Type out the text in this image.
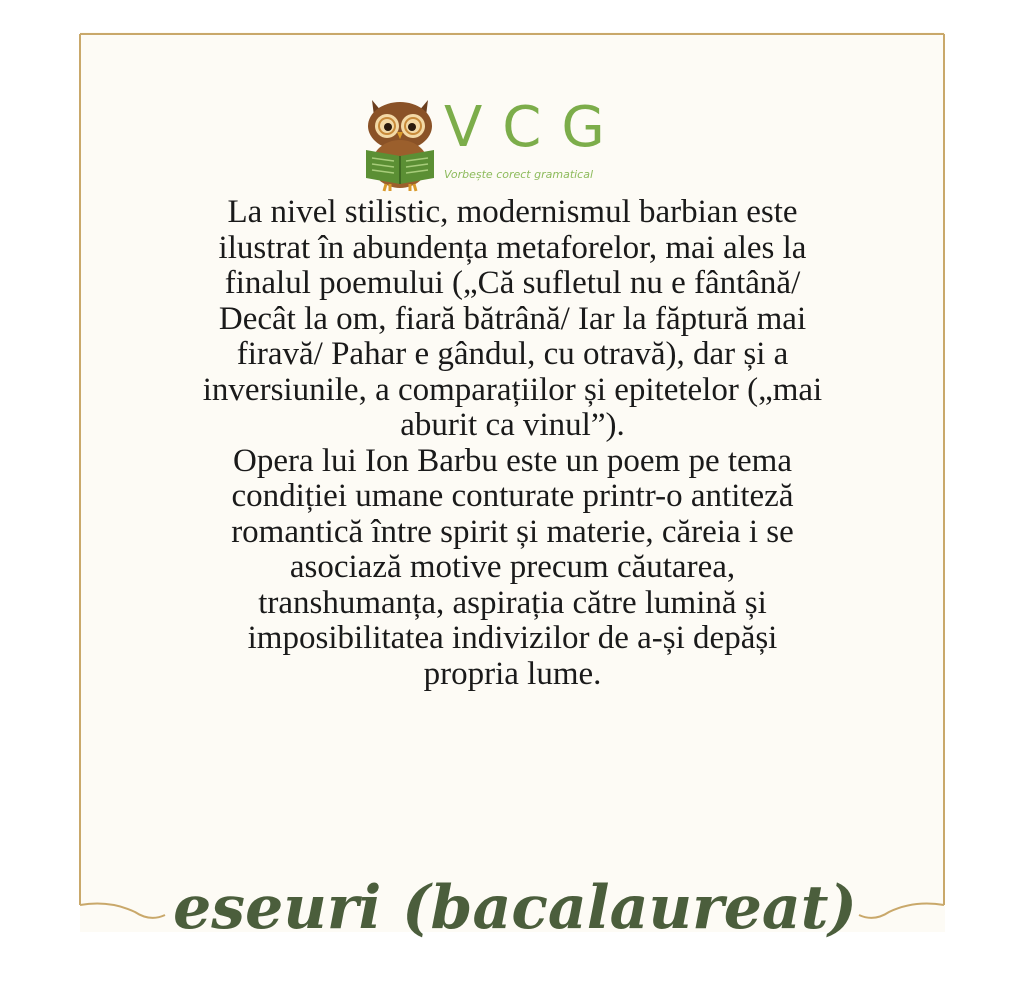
VCG
Vorbește corect gramatical
La nivel stilistic, modernismul barbian este
ilustrat în abundența metaforelor, mai ales la
finalul poemului („Că sufletul nu e fântână/
Decât la om, fiară bătrână/ Iar la făptură mai
firavă/ Pahar e gândul, cu otravă), dar și a
inversiunile, a comparațiilor și epitetelor („mai
aburit ca vinul”).
Opera lui Ion Barbu este un poem pe tema
condiției umane conturate printr-o antiteză
romantică între spirit și materie, căreia i se
asociază motive precum căutarea,
transhumanța, aspirația către lumină și
imposibilitatea indivizilor de a-și depăși
propria lume.
eseuri (bacalaureat)
